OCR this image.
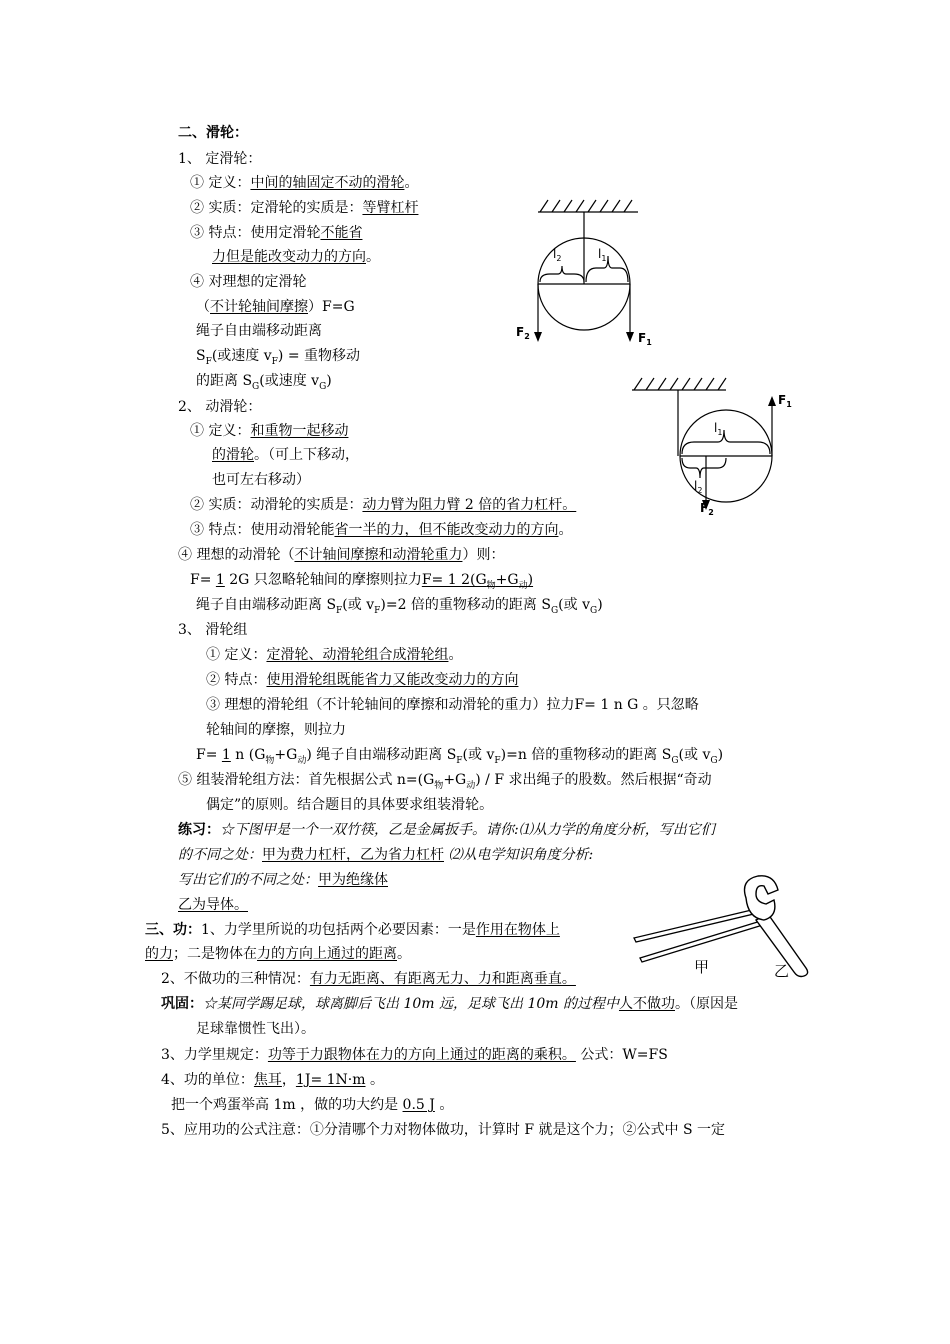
二、滑轮：
1、 定滑轮：
① 定义：中间的轴固定不动的滑轮。
② 实质：定滑轮的实质是：等臂杠杆
③ 特点：使用定滑轮不能省
力但是能改变动力的方向。
④ 对理想的定滑轮
（不计轮轴间摩擦）F=G
绳子自由端移动距离
$S_F$(或速度 $v_F$) = 重物移动
的距离 $S_G$(或速度 $v_G$)
2、 动滑轮：
① 定义：和重物一起移动
的滑轮。（可上下移动，
也可左右移动）
② 实质：动滑轮的实质是：动力臂为阻力臂 2 倍的省力杠杆。
③ 特点：使用动滑轮能省一半的力，但不能改变动力的方向。
④ 理想的动滑轮（不计轴间摩擦和动滑轮重力）则：
F= 1 2G 只忽略轮轴间的摩擦则拉力F= 1 $2(G_物+G_动)$
绳子自由端移动距离 $S_F$(或 $v_F)=2$ 倍的重物移动的距离 $S_G$(或 $v_G$)
3、 滑轮组
① 定义：定滑轮、动滑轮组合成滑轮组。
② 特点：使用滑轮组既能省力又能改变动力的方向
③ 理想的滑轮组（不计轮轴间的摩擦和动滑轮的重力）拉力F= 1 n G 。只忽略
轮轴间的摩擦，则拉力
F= 1 n $(G_物+G_动)$ 绳子自由端移动距离 $S_F$(或 $v_F)=n$ 倍的重物移动的距离 $S_G$(或 $v_G$)
⑤ 组装滑轮组方法：首先根据公式 $n=(G_物+G_动) / F$ 求出绳子的股数。然后根据“奇动
偶定”的原则。结合题目的具体要求组装滑轮。
练习：☆下图甲是一个一双竹筷，乙是金属扳手。请你:⑴从力学的角度分析，写出它们
的不同之处：甲为费力杠杆，乙为省力杠杆 ⑵从电学知识角度分析:
写出它们的不同之处：甲为绝缘体
乙为导体。
三、功：1、力学里所说的功包括两个必要因素：一是作用在物体上
的力；二是物体在力的方向上通过的距离。
2、不做功的三种情况：有力无距离、有距离无力、力和距离垂直。
巩固：☆某同学踢足球，球离脚后飞出 10m 远，足球飞出 10m 的过程中人不做功。（原因是
足球靠惯性飞出）。
3、力学里规定：功等于力跟物体在力的方向上通过的距离的乘积。 公式：W=FS
4、功的单位：焦耳，1J= 1N·m 。
把一个鸡蛋举高 1m ，做的功大约是 0.5 J 。
5、应用功的公式注意：①分清哪个力对物体做功，计算时 F 就是这个力；②公式中 S 一定
$l_2$	$l_1$
$F_2$	$F_1$
$l_1$
$l_2$
$F_1$
$F_2$
甲	乙
